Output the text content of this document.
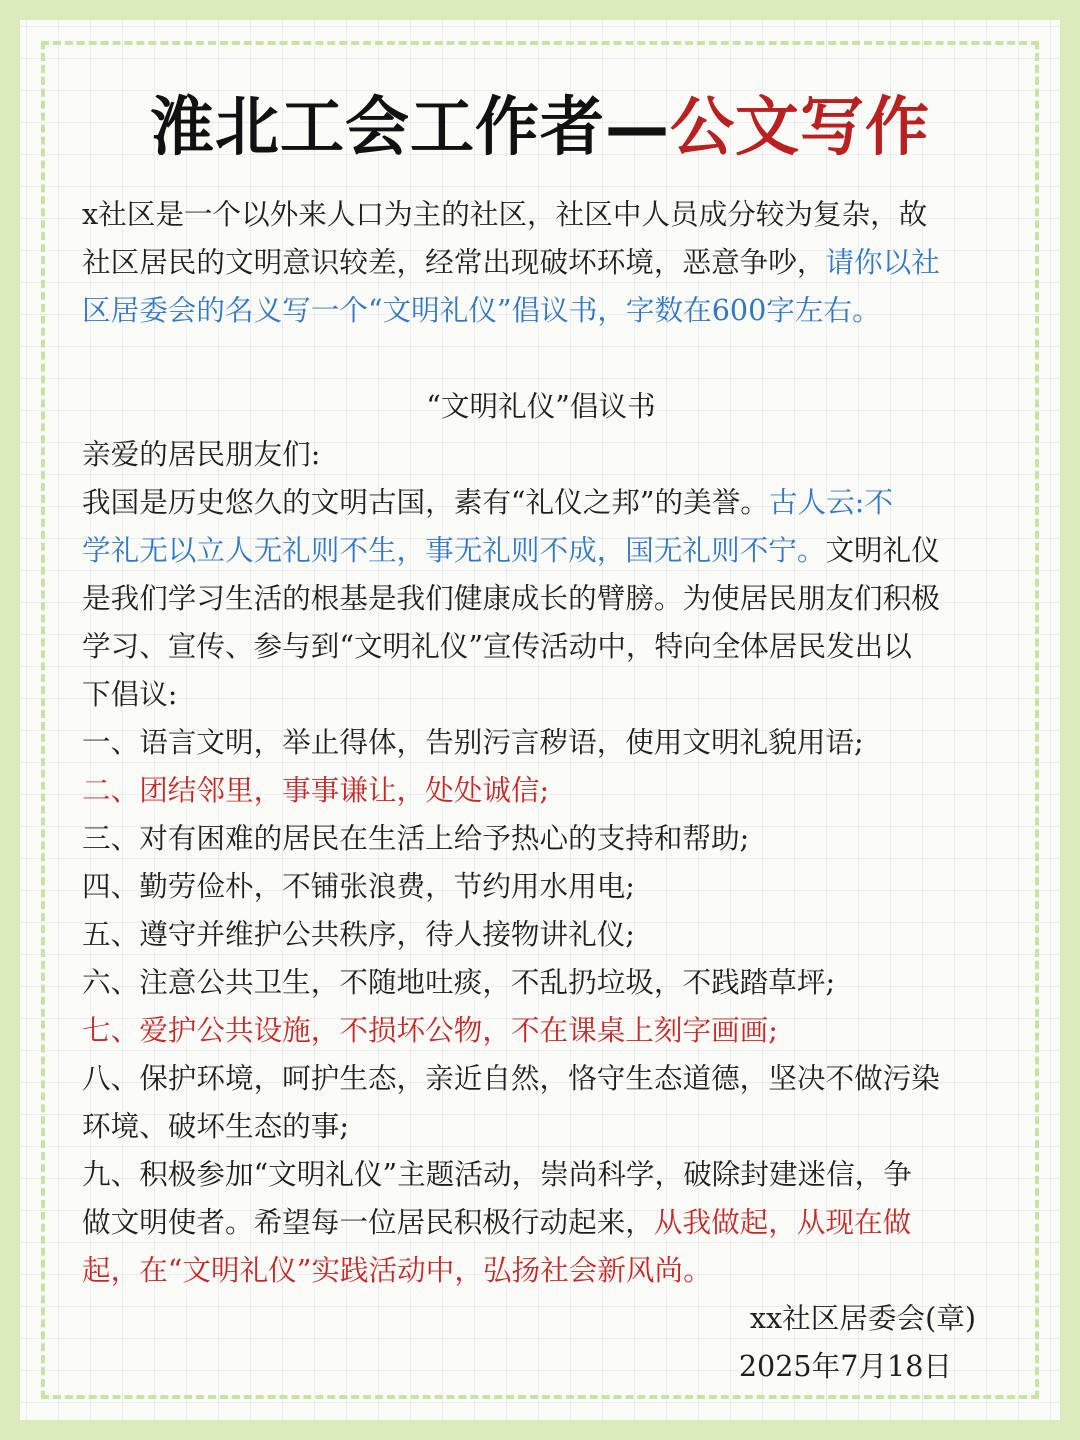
淮北工会工作者—公文写作
x社区是一个以外来人口为主的社区，社区中人员成分较为复杂，故
社区居民的文明意识较差，经常出现破坏环境，恶意争吵，请你以社
区居委会的名义写一个“文明礼仪”倡议书，字数在600字左右。
“文明礼仪”倡议书
亲爱的居民朋友们:
我国是历史悠久的文明古国，素有“礼仪之邦”的美誉。古人云:不
学礼无以立人无礼则不生，事无礼则不成，国无礼则不宁。文明礼仪
是我们学习生活的根基是我们健康成长的臂膀。为使居民朋友们积极
学习、宣传、参与到“文明礼仪”宣传活动中，特向全体居民发出以
下倡议:
一、语言文明，举止得体，告别污言秽语，使用文明礼貌用语;
二、团结邻里，事事谦让，处处诚信;
三、对有困难的居民在生活上给予热心的支持和帮助;
四、勤劳俭朴，不铺张浪费，节约用水用电;
五、遵守并维护公共秩序，待人接物讲礼仪;
六、注意公共卫生，不随地吐痰，不乱扔垃圾，不践踏草坪;
七、爱护公共设施，不损坏公物，不在课桌上刻字画画;
八、保护环境，呵护生态，亲近自然，恪守生态道德，坚决不做污染
环境、破坏生态的事;
九、积极参加“文明礼仪”主题活动，崇尚科学，破除封建迷信，争
做文明使者。希望每一位居民积极行动起来，从我做起，从现在做
起，在“文明礼仪”实践活动中，弘扬社会新风尚。
xx社区居委会(章)
2025年7月18日
